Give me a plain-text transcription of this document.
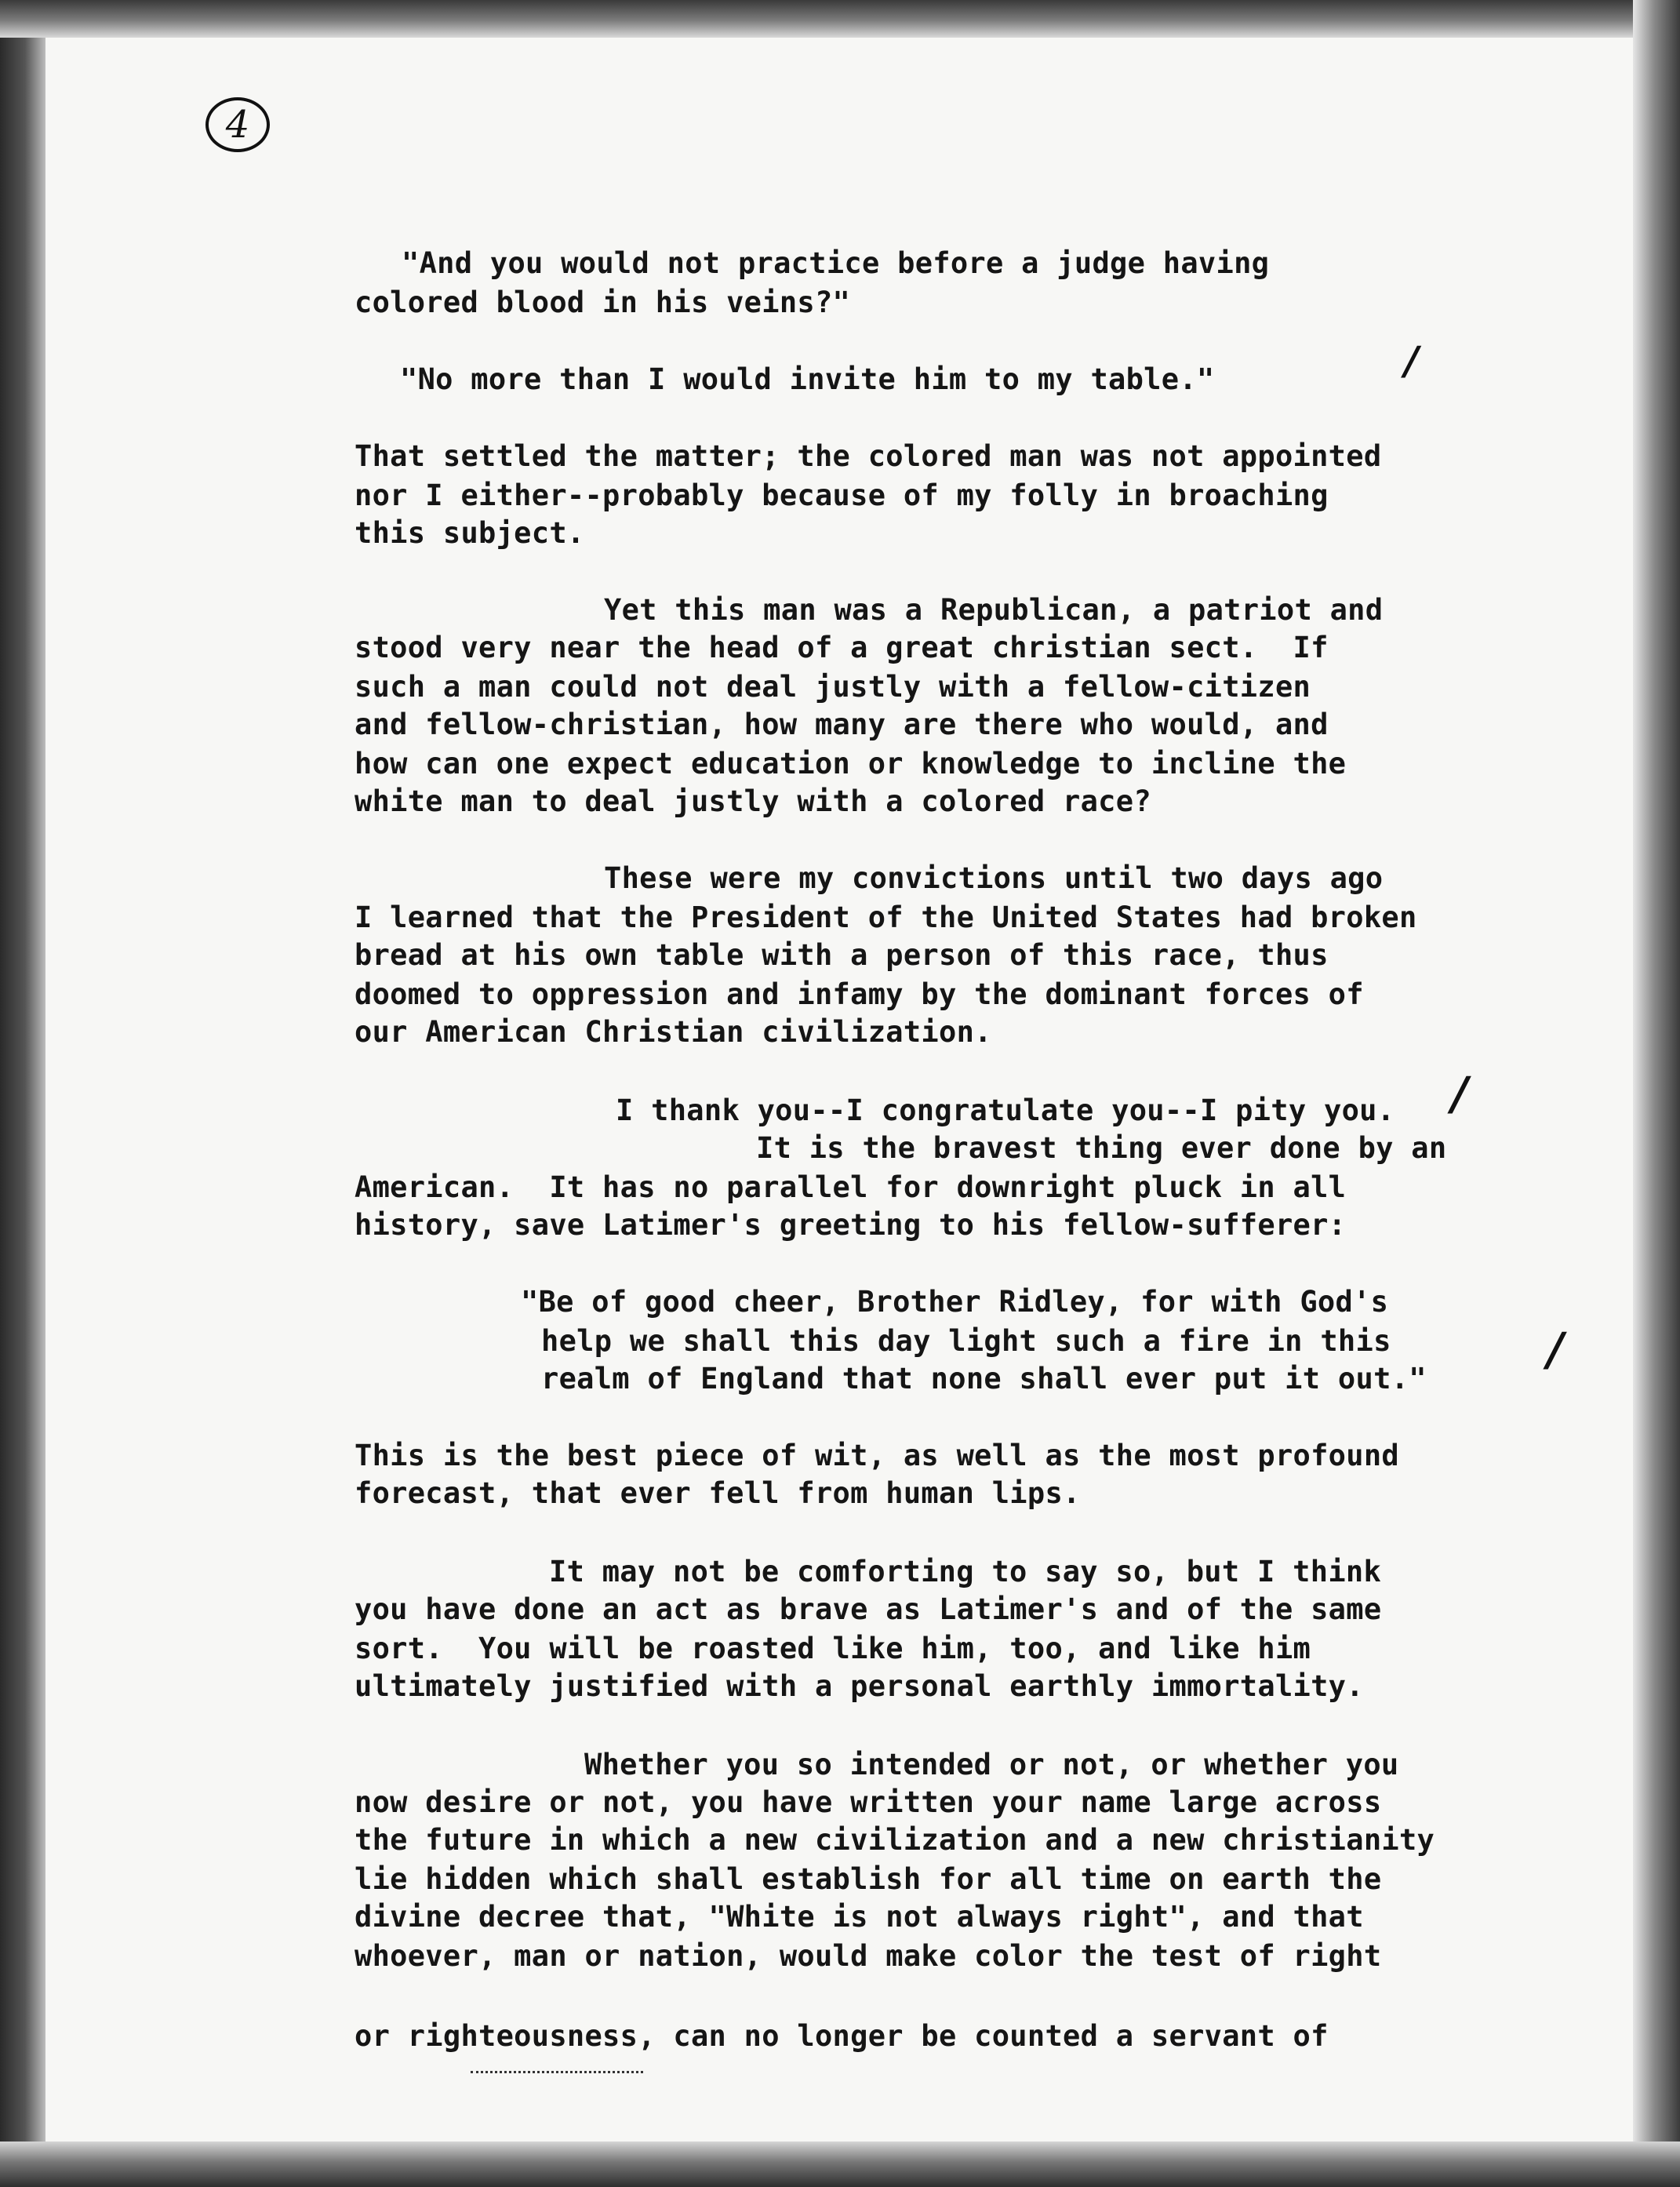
4

"And you would not practice before a judge having

colored blood in his veins?"

"No more than I would invite him to my table."

That settled the matter; the colored man was not appointed

nor I either--probably because of my folly in broaching

this subject.

Yet this man was a Republican, a patriot and

stood very near the head of a great christian sect.  If

such a man could not deal justly with a fellow-citizen

and fellow-christian, how many are there who would, and

how can one expect education or knowledge to incline the

white man to deal justly with a colored race?

These were my convictions until two days ago

I learned that the President of the United States had broken

bread at his own table with a person of this race, thus

doomed to oppression and infamy by the dominant forces of

our American Christian civilization.

I thank you--I congratulate you--I pity you.

It is the bravest thing ever done by an

American.  It has no parallel for downright pluck in all

history, save Latimer's greeting to his fellow-sufferer:

"Be of good cheer, Brother Ridley, for with God's

help we shall this day light such a fire in this

realm of England that none shall ever put it out."

This is the best piece of wit, as well as the most profound

forecast, that ever fell from human lips.

It may not be comforting to say so, but I think

you have done an act as brave as Latimer's and of the same

sort.  You will be roasted like him, too, and like him

ultimately justified with a personal earthly immortality.

Whether you so intended or not, or whether you

now desire or not, you have written your name large across

the future in which a new civilization and a new christianity

lie hidden which shall establish for all time on earth the

divine decree that, "White is not always right", and that

whoever, man or nation, would make color the test of right

or righteousness, can no longer be counted a servant of

/
/
/
